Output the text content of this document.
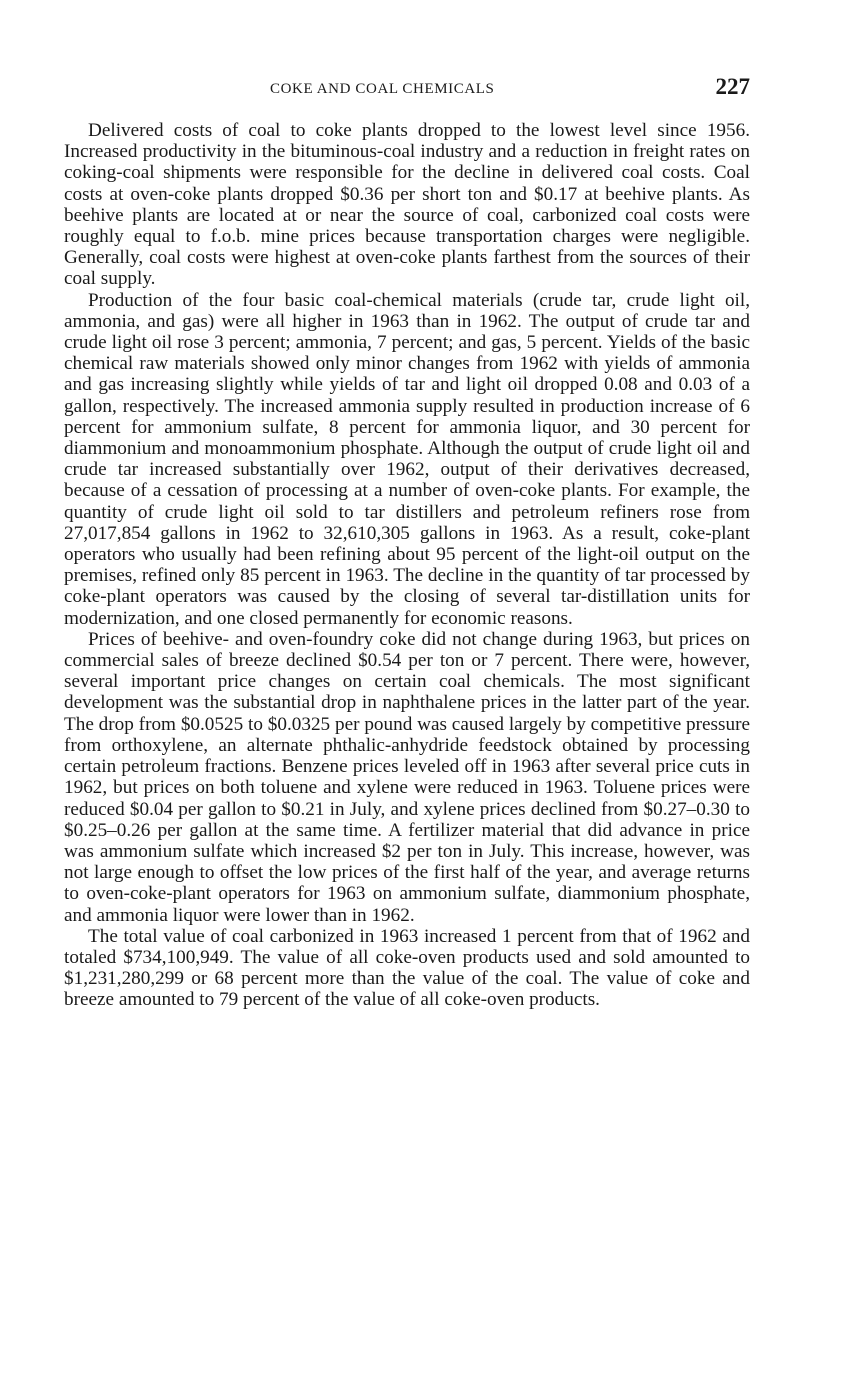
COKE AND COAL CHEMICALS	227

Delivered costs of coal to coke plants dropped to the lowest level since 1956. Increased productivity in the bituminous-coal industry and a reduction in freight rates on coking-coal shipments were responsible for the decline in delivered coal costs. Coal costs at oven-coke plants dropped $0.36 per short ton and $0.17 at beehive plants. As beehive plants are located at or near the source of coal, carbonized coal costs were roughly equal to f.o.b. mine prices because transportation charges were negligible. Generally, coal costs were highest at oven-coke plants farthest from the sources of their coal supply.

Production of the four basic coal-chemical materials (crude tar, crude light oil, ammonia, and gas) were all higher in 1963 than in 1962. The output of crude tar and crude light oil rose 3 percent; ammonia, 7 percent; and gas, 5 percent. Yields of the basic chemical raw materials showed only minor changes from 1962 with yields of ammonia and gas increasing slightly while yields of tar and light oil dropped 0.08 and 0.03 of a gallon, respectively. The increased ammonia supply resulted in production increase of 6 percent for ammonium sulfate, 8 percent for ammonia liquor, and 30 percent for diammonium and monoammonium phosphate. Although the output of crude light oil and crude tar increased substantially over 1962, output of their derivatives decreased, because of a cessation of processing at a number of oven-coke plants. For example, the quantity of crude light oil sold to tar distillers and petroleum refiners rose from 27,017,854 gallons in 1962 to 32,610,305 gallons in 1963. As a result, coke-plant operators who usually had been refining about 95 percent of the light-oil output on the premises, refined only 85 percent in 1963. The decline in the quantity of tar processed by coke-plant operators was caused by the closing of several tar-distillation units for modernization, and one closed permanently for economic reasons.

Prices of beehive- and oven-foundry coke did not change during 1963, but prices on commercial sales of breeze declined $0.54 per ton or 7 percent. There were, however, several important price changes on certain coal chemicals. The most significant development was the substantial drop in naphthalene prices in the latter part of the year. The drop from $0.0525 to $0.0325 per pound was caused largely by competitive pressure from orthoxylene, an alternate phthalic-anhydride feedstock obtained by processing certain petroleum fractions. Benzene prices leveled off in 1963 after several price cuts in 1962, but prices on both toluene and xylene were reduced in 1963. Toluene prices were reduced $0.04 per gallon to $0.21 in July, and xylene prices declined from $0.27–0.30 to $0.25–0.26 per gallon at the same time. A fertilizer material that did advance in price was ammonium sulfate which increased $2 per ton in July. This increase, however, was not large enough to offset the low prices of the first half of the year, and average returns to oven-coke-plant operators for 1963 on ammonium sulfate, diammonium phosphate, and ammonia liquor were lower than in 1962.

The total value of coal carbonized in 1963 increased 1 percent from that of 1962 and totaled $734,100,949. The value of all coke-oven products used and sold amounted to $1,231,280,299 or 68 percent more than the value of the coal. The value of coke and breeze amounted to 79 percent of the value of all coke-oven products.
